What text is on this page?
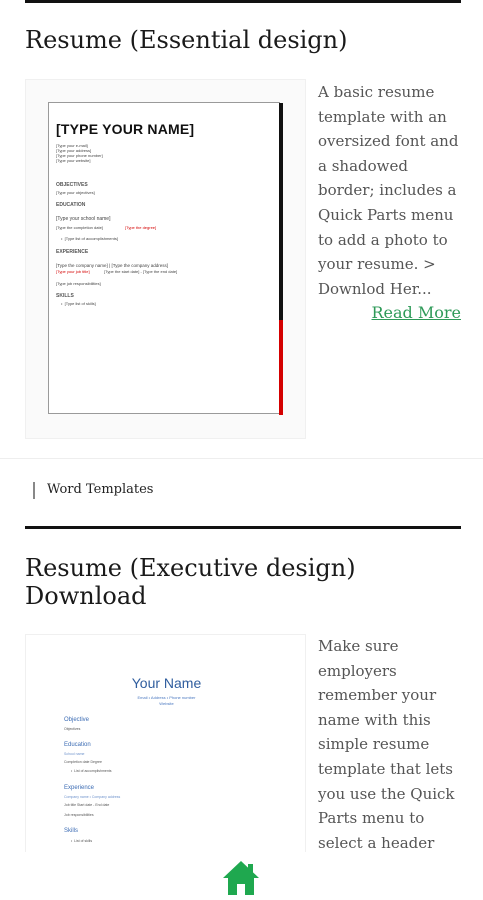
Resume (Essential design)
[TYPE YOUR NAME]
[Type your e-mail]
[Type your address]
[Type your phone number]
[Type your website]
OBJECTIVES
[Type your objectives]
EDUCATION
[Type your school name]
[Type the completion date]	[Type the degree]
•  [Type list of accomplishments]
EXPERIENCE
[Type the company name] | [Type the company address]
[Type your job title]	[Type the start date] - [Type the end date]
[Type job responsibilities]
SKILLS
•  [Type list of skills]

A basic resume template with an oversized font and a shadowed border; includes a Quick Parts menu to add a photo to your resume. > Downlod Her...

Read More
Word Templates
Resume (Executive design) Download
Your Name
Email • Address • Phone number
Website
Objective
Objectives
Education
School name
Completion date Degree
•  List of accomplishments
Experience
Company name • Company address
Job title Start date - End date
Job responsibilities
Skills
•  List of skills

Make sure employers remember your name with this simple resume template that lets you use the Quick Parts menu to select a header
